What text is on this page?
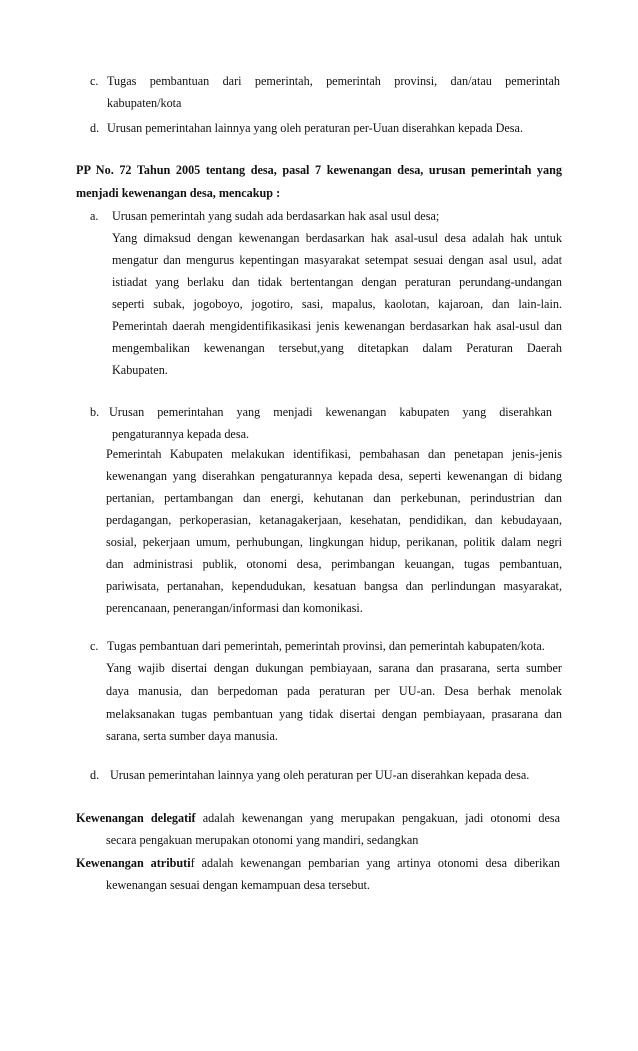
c. Tugas pembantuan dari pemerintah, pemerintah provinsi, dan/atau pemerintah
kabupaten/kota
d. Urusan pemerintahan lainnya yang oleh peraturan per-Uuan diserahkan kepada Desa.
PP No. 72 Tahun 2005 tentang desa, pasal 7 kewenangan desa, urusan pemerintah yang
menjadi kewenangan desa, mencakup :
a. Urusan pemerintah yang sudah ada berdasarkan hak asal usul desa;
Yang dimaksud dengan kewenangan berdasarkan hak asal-usul desa adalah hak untuk
mengatur dan mengurus kepentingan masyarakat setempat sesuai dengan asal usul, adat
istiadat yang berlaku dan tidak bertentangan dengan peraturan perundang-undangan
seperti subak, jogoboyo, jogotiro, sasi, mapalus, kaolotan, kajaroan, dan lain-lain.
Pemerintah daerah mengidentifikasikasi jenis kewenangan berdasarkan hak asal-usul dan
mengembalikan kewenangan tersebut,yang ditetapkan dalam Peraturan Daerah
Kabupaten.
b. Urusan pemerintahan yang menjadi kewenangan kabupaten yang diserahkan
pengaturannya kepada desa.
Pemerintah Kabupaten melakukan identifikasi, pembahasan dan penetapan jenis-jenis
kewenangan yang diserahkan pengaturannya kepada desa, seperti kewenangan di bidang
pertanian, pertambangan dan energi, kehutanan dan perkebunan, perindustrian dan
perdagangan, perkoperasian, ketanagakerjaan, kesehatan, pendidikan, dan kebudayaan,
sosial, pekerjaan umum, perhubungan, lingkungan hidup, perikanan, politik dalam negri
dan administrasi publik, otonomi desa, perimbangan keuangan, tugas pembantuan,
pariwisata, pertanahan, kependudukan, kesatuan bangsa dan perlindungan masyarakat,
perencanaan, penerangan/informasi dan komonikasi.
c. Tugas pembantuan dari pemerintah, pemerintah provinsi, dan pemerintah kabupaten/kota.
Yang wajib disertai dengan dukungan pembiayaan, sarana dan prasarana, serta sumber
daya manusia, dan berpedoman pada peraturan per UU-an. Desa berhak menolak
melaksanakan tugas pembantuan yang tidak disertai dengan pembiayaan, prasarana dan
sarana, serta sumber daya manusia.
d. Urusan pemerintahan lainnya yang oleh peraturan per UU-an diserahkan kepada desa.
Kewenangan delegatif adalah kewenangan yang merupakan pengakuan, jadi otonomi desa
secara pengakuan merupakan otonomi yang mandiri, sedangkan
Kewenangan atributif adalah kewenangan pembarian yang artinya otonomi desa diberikan
kewenangan sesuai dengan kemampuan desa tersebut.
